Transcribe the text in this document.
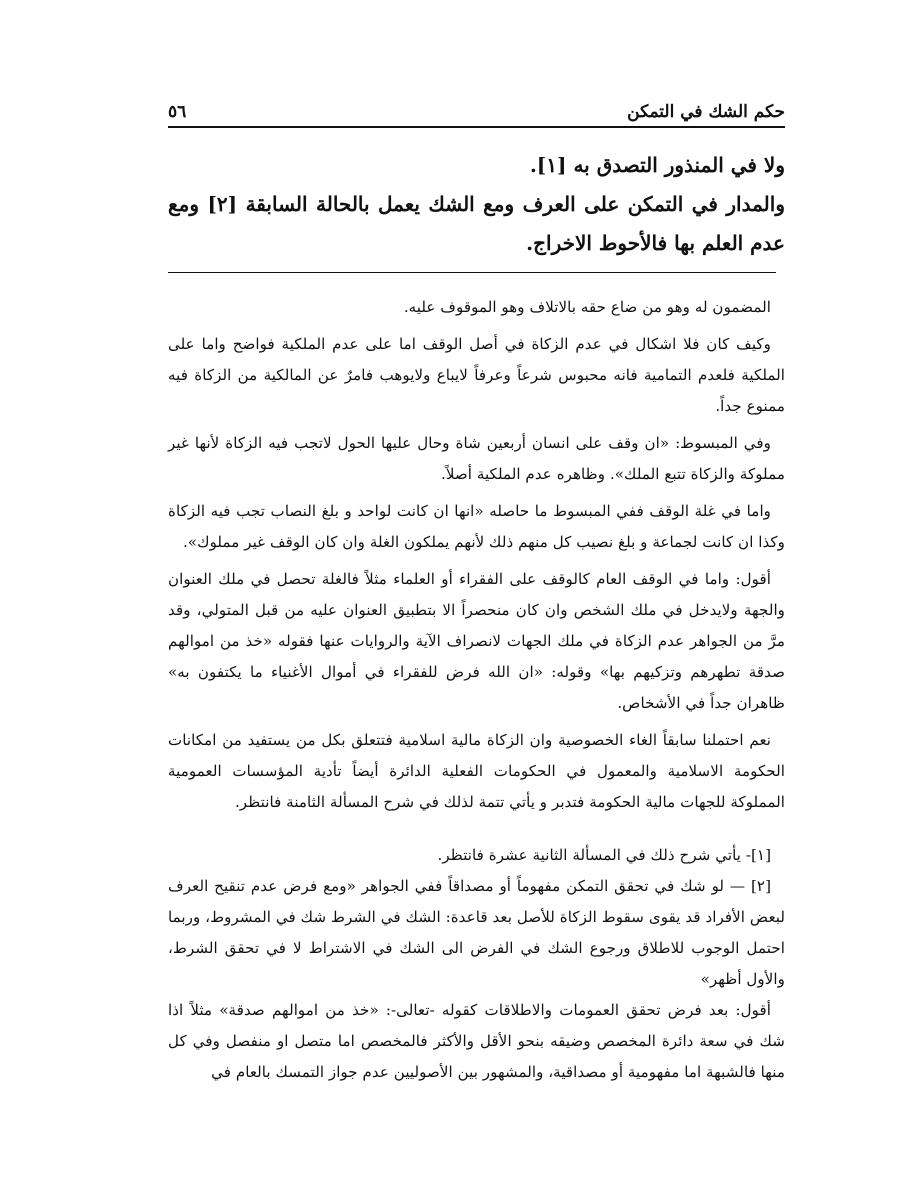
٥٦	حكم الشك في التمكن

ولا في المنذور التصدق به [١].

والمدار في التمكن على العرف ومع الشك يعمل بالحالة السابقة [٢] ومع عدم العلم بها فالأحوط الاخراج.

المضمون له وهو من ضاع حقه بالاتلاف وهو الموقوف عليه.

وكيف كان فلا اشكال في عدم الزكاة في أصل الوقف اما على عدم الملكية فواضح واما على الملكية فلعدم التمامية فانه محبوس شرعاً وعرفاً لايباع ولايوهب فامرٌ عن المالكية من الزكاة فيه ممنوع جداً.

وفي المبسوط: «ان وقف على انسان أربعين شاة وحال عليها الحول لاتجب فيه الزكاة لأنها غير مملوكة والزكاة تتبع الملك». وظاهره عدم الملكية أصلاً.

واما في غلة الوقف ففي المبسوط ما حاصله «انها ان كانت لواحد و بلغ النصاب تجب فيه الزكاة وكذا ان كانت لجماعة و بلغ نصيب كل منهم ذلك لأنهم يملكون الغلة وان كان الوقف غير مملوك».

أقول: واما في الوقف العام كالوقف على الفقراء أو العلماء مثلاً فالغلة تحصل في ملك العنوان والجهة ولايدخل في ملك الشخص وان كان منحصراً الا بتطبيق العنوان عليه من قبل المتولي، وقد مرَّ من الجواهر عدم الزكاة في ملك الجهات لانصراف الآية والروايات عنها فقوله «خذ من اموالهم صدقة تطهرهم وتزكيهم بها» وقوله: «ان الله فرض للفقراء في أموال الأغنياء ما يكتفون به» ظاهران جداً في الأشخاص.

نعم احتملنا سابقاً الغاء الخصوصية وان الزكاة مالية اسلامية فتتعلق بكل من يستفيد من امكانات الحكومة الاسلامية والمعمول في الحكومات الفعلية الدائرة أيضاً تأدية المؤسسات العمومية المملوكة للجهات مالية الحكومة فتدبر و يأتي تتمة لذلك في شرح المسألة الثامنة فانتظر.

[١]- يأتي شرح ذلك في المسألة الثانية عشرة فانتظر.

[٢] — لو شك في تحقق التمكن مفهوماً أو مصداقاً ففي الجواهر «ومع فرض عدم تنقيح العرف لبعض الأفراد قد يقوى سقوط الزكاة للأصل بعد قاعدة: الشك في الشرط شك في المشروط، وربما احتمل الوجوب للاطلاق ورجوع الشك في الفرض الى الشك في الاشتراط لا في تحقق الشرط، والأول أظهر»

أقول: بعد فرض تحقق العمومات والاطلاقات كقوله -تعالى-: «خذ من اموالهم صدقة» مثلاً اذا شك في سعة دائرة المخصص وضيقه بنحو الأقل والأكثر فالمخصص اما متصل او منفصل وفي كل منها فالشبهة اما مفهومية أو مصداقية، والمشهور بين الأصوليين عدم جواز التمسك بالعام في
